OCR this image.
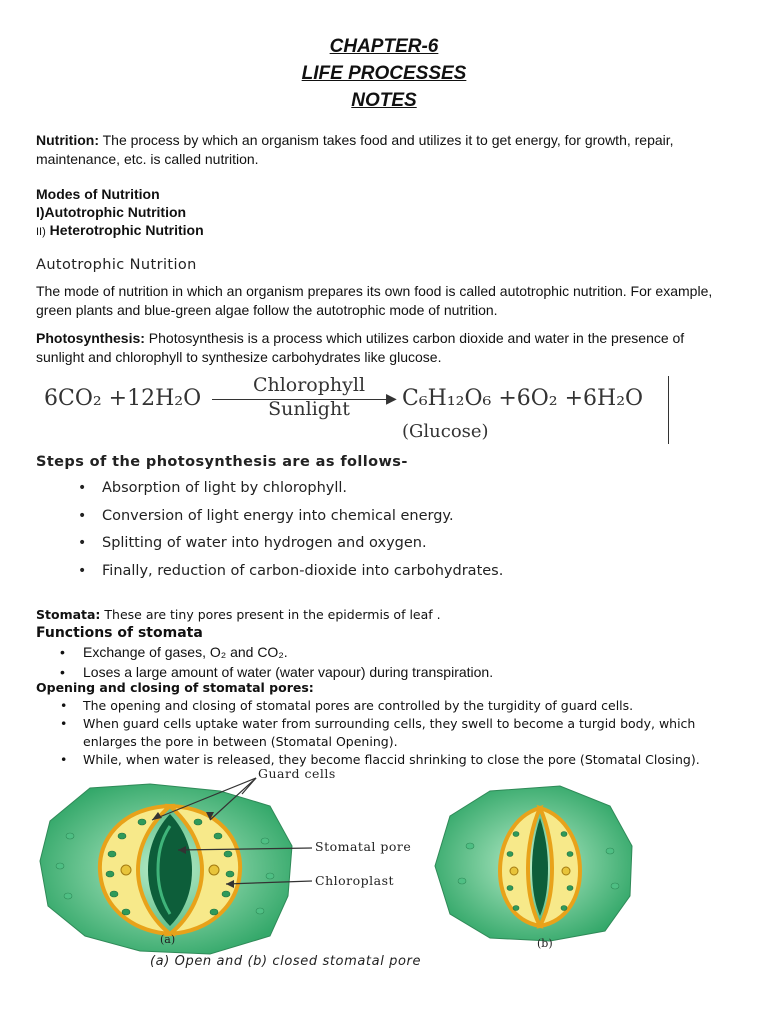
CHAPTER-6
LIFE PROCESSES
NOTES
Nutrition: The process by which an organism takes food and utilizes it to get energy, for growth, repair, maintenance, etc. is called nutrition.
Modes of Nutrition
I)Autotrophic Nutrition
II) Heterotrophic Nutrition
Autotrophic Nutrition
The mode of nutrition in which an organism prepares its own food is called autotrophic nutrition. For example, green plants and blue-green algae follow the autotrophic mode of nutrition.
Photosynthesis: Photosynthesis is a process which utilizes carbon dioxide and water in the presence of sunlight and chlorophyll to synthesize carbohydrates like glucose.
6CO₂ +12H₂O
Chlorophyll
▶
Sunlight	C₆H₁₂O₆ +6O₂ +6H₂O
(Glucose)
Steps of the photosynthesis are as follows-
• Absorption of light by chlorophyll.
• Conversion of light energy into chemical energy.
• Splitting of water into hydrogen and oxygen.
• Finally, reduction of carbon-dioxide into carbohydrates.
Stomata: These are tiny pores present in the epidermis of leaf .
Functions of stomata
• Exchange of gases, O₂ and CO₂.
• Loses a large amount of water (water vapour) during transpiration.
Opening and closing of stomatal pores:
• The opening and closing of stomatal pores are controlled by the turgidity of guard cells.
• When guard cells uptake water from surrounding cells, they swell to become a turgid body, which enlarges the pore in between (Stomatal Opening).
• While, when water is released, they become flaccid shrinking to close the pore (Stomatal Closing).
Guard cells
Stomatal pore
Chloroplast
(a)	(b)
(a) Open and (b) closed stomatal pore
